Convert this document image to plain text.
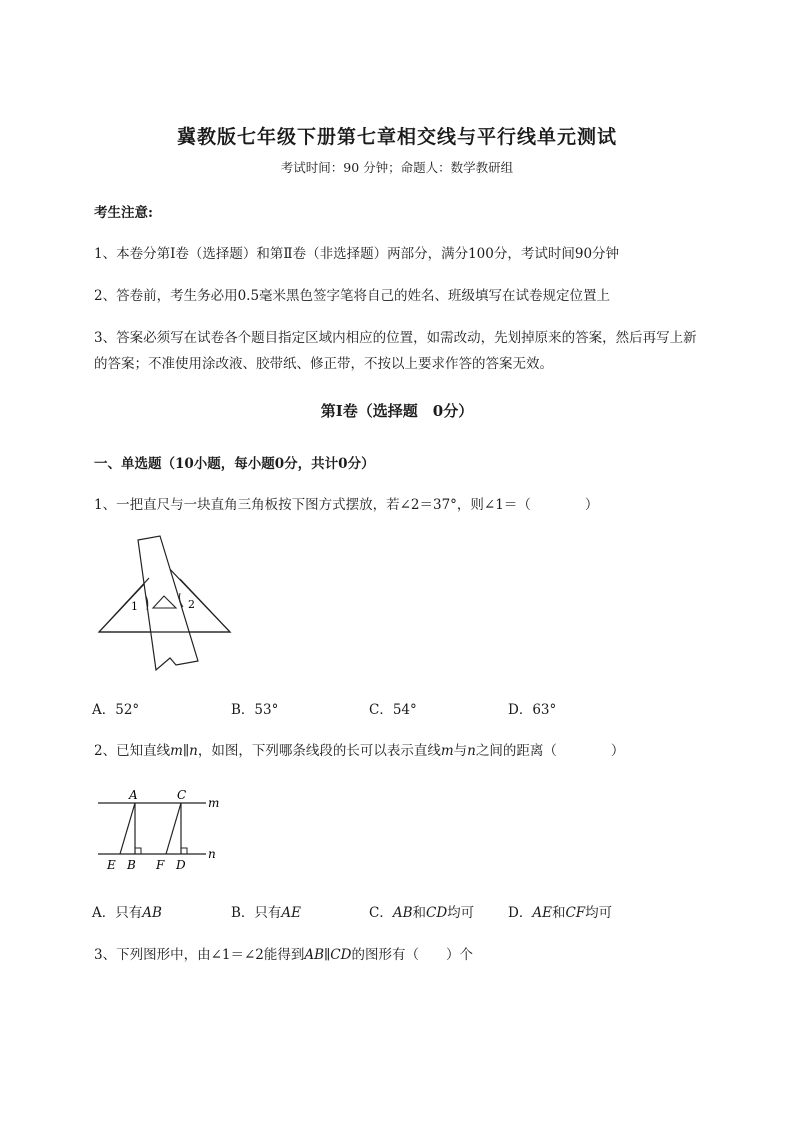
冀教版七年级下册第七章相交线与平行线单元测试
考试时间：90 分钟；命题人：数学教研组
考生注意:
1、本卷分第Ⅰ卷（选择题）和第Ⅱ卷（非选择题）两部分，满分100分，考试时间90分钟
2、答卷前，考生务必用0.5毫米黑色签字笔将自己的姓名、班级填写在试卷规定位置上
3、答案必须写在试卷各个题目指定区域内相应的位置，如需改动，先划掉原来的答案，然后再写上新
的答案；不准使用涂改液、胶带纸、修正带，不按以上要求作答的答案无效。
第Ⅰ卷（选择题　0分）
一、单选题（10小题，每小题0分，共计0分）
1、一把直尺与一块直角三角板按下图方式摆放，若∠2＝37°，则∠1＝（　　　　）
1	2
A．52°	B．53°	C．54°	D．63°
2、已知直线m∥n，如图，下列哪条线段的长可以表示直线m与n之间的距离（　　　　）
A	C
m
n
E B F D
A．只有AB	B．只有AE	C．AB和CD均可	D．AE和CF均可
3、下列图形中，由∠1＝∠2能得到AB∥CD的图形有（　　）个
